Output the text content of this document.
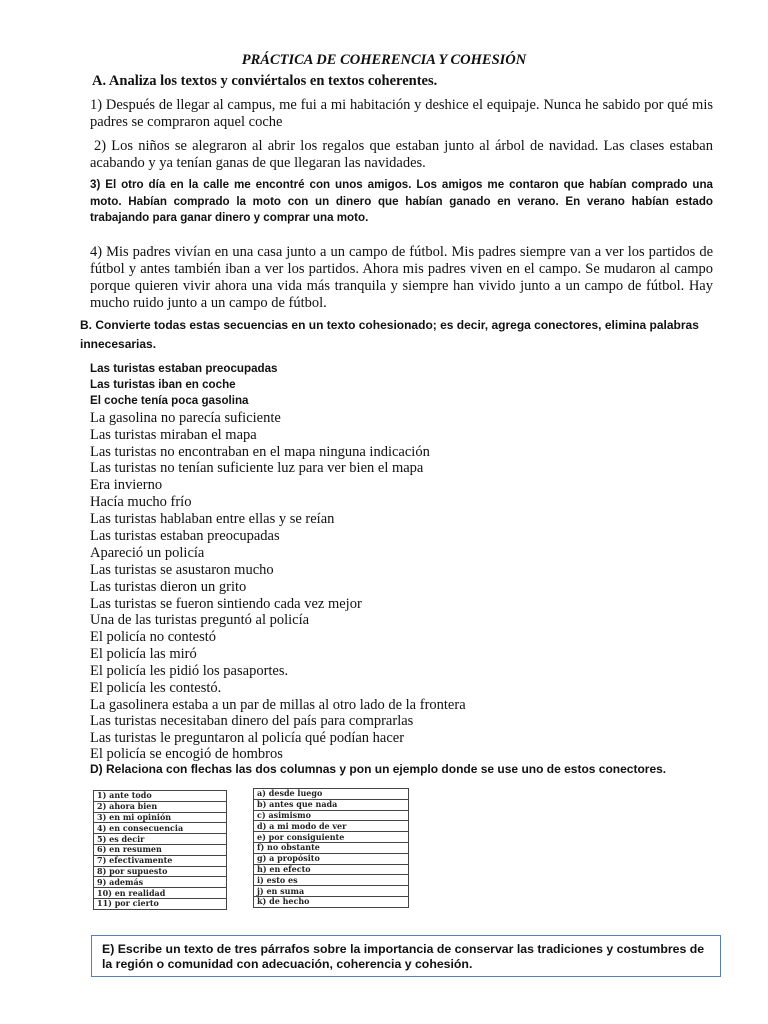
PRÁCTICA DE COHERENCIA Y COHESIÓN
A. Analiza los textos y conviértalos en textos coherentes.
1) Después de llegar al campus, me fui a mi habitación y deshice el equipaje. Nunca he sabido por qué mis padres se compraron aquel coche
2) Los niños se alegraron al abrir los regalos que estaban junto al árbol de navidad. Las clases estaban acabando y ya tenían ganas de que llegaran las navidades.
3) El otro día en la calle me encontré con unos amigos. Los amigos me contaron que habían comprado una moto. Habían comprado la moto con un dinero que habían ganado en verano. En verano habían estado trabajando para ganar dinero y comprar una moto.
4) Mis padres vivían en una casa junto a un campo de fútbol. Mis padres siempre van a ver los partidos de fútbol y antes también iban a ver los partidos. Ahora mis padres viven en el campo. Se mudaron al campo porque quieren vivir ahora una vida más tranquila y siempre han vivido junto a un campo de fútbol. Hay mucho ruido junto a un campo de fútbol.
B. Convierte todas estas secuencias en un texto cohesionado; es decir, agrega conectores, elimina palabras innecesarias.
Las turistas estaban preocupadas
Las turistas iban en coche
El coche tenía poca gasolina
La gasolina no parecía suficiente
Las turistas miraban el mapa
Las turistas no encontraban en el mapa ninguna indicación
Las turistas no tenían suficiente luz para ver bien el mapa
Era invierno
Hacía mucho frío
Las turistas hablaban entre ellas y se reían
Las turistas estaban preocupadas
Apareció un policía
Las turistas se asustaron mucho
Las turistas dieron un grito
Las turistas se fueron sintiendo cada vez mejor
Una de las turistas preguntó al policía
El policía no contestó
El policía las miró
El policía les pidió los pasaportes.
El policía les contestó.
La gasolinera estaba a un par de millas al otro lado de la frontera
Las turistas necesitaban dinero del país para comprarlas
Las turistas le preguntaron al policía qué podían hacer
El policía se encogió de hombros
D) Relaciona con flechas las dos columnas y pon un ejemplo donde se use uno de estos conectores.
1) ante todo
2) ahora bien
3) en mi opinión
4) en consecuencia
5) es decir
6) en resumen
7) efectivamente
8) por supuesto
9) además
10) en realidad
11) por cierto
a) desde luego
b) antes que nada
c) asimismo
d) a mi modo de ver
e) por consiguiente
f) no obstante
g) a propósito
h) en efecto
i) esto es
j) en suma
k) de hecho
E) Escribe un texto de tres párrafos sobre la importancia de conservar las tradiciones y costumbres de la región o comunidad con adecuación, coherencia y cohesión.
